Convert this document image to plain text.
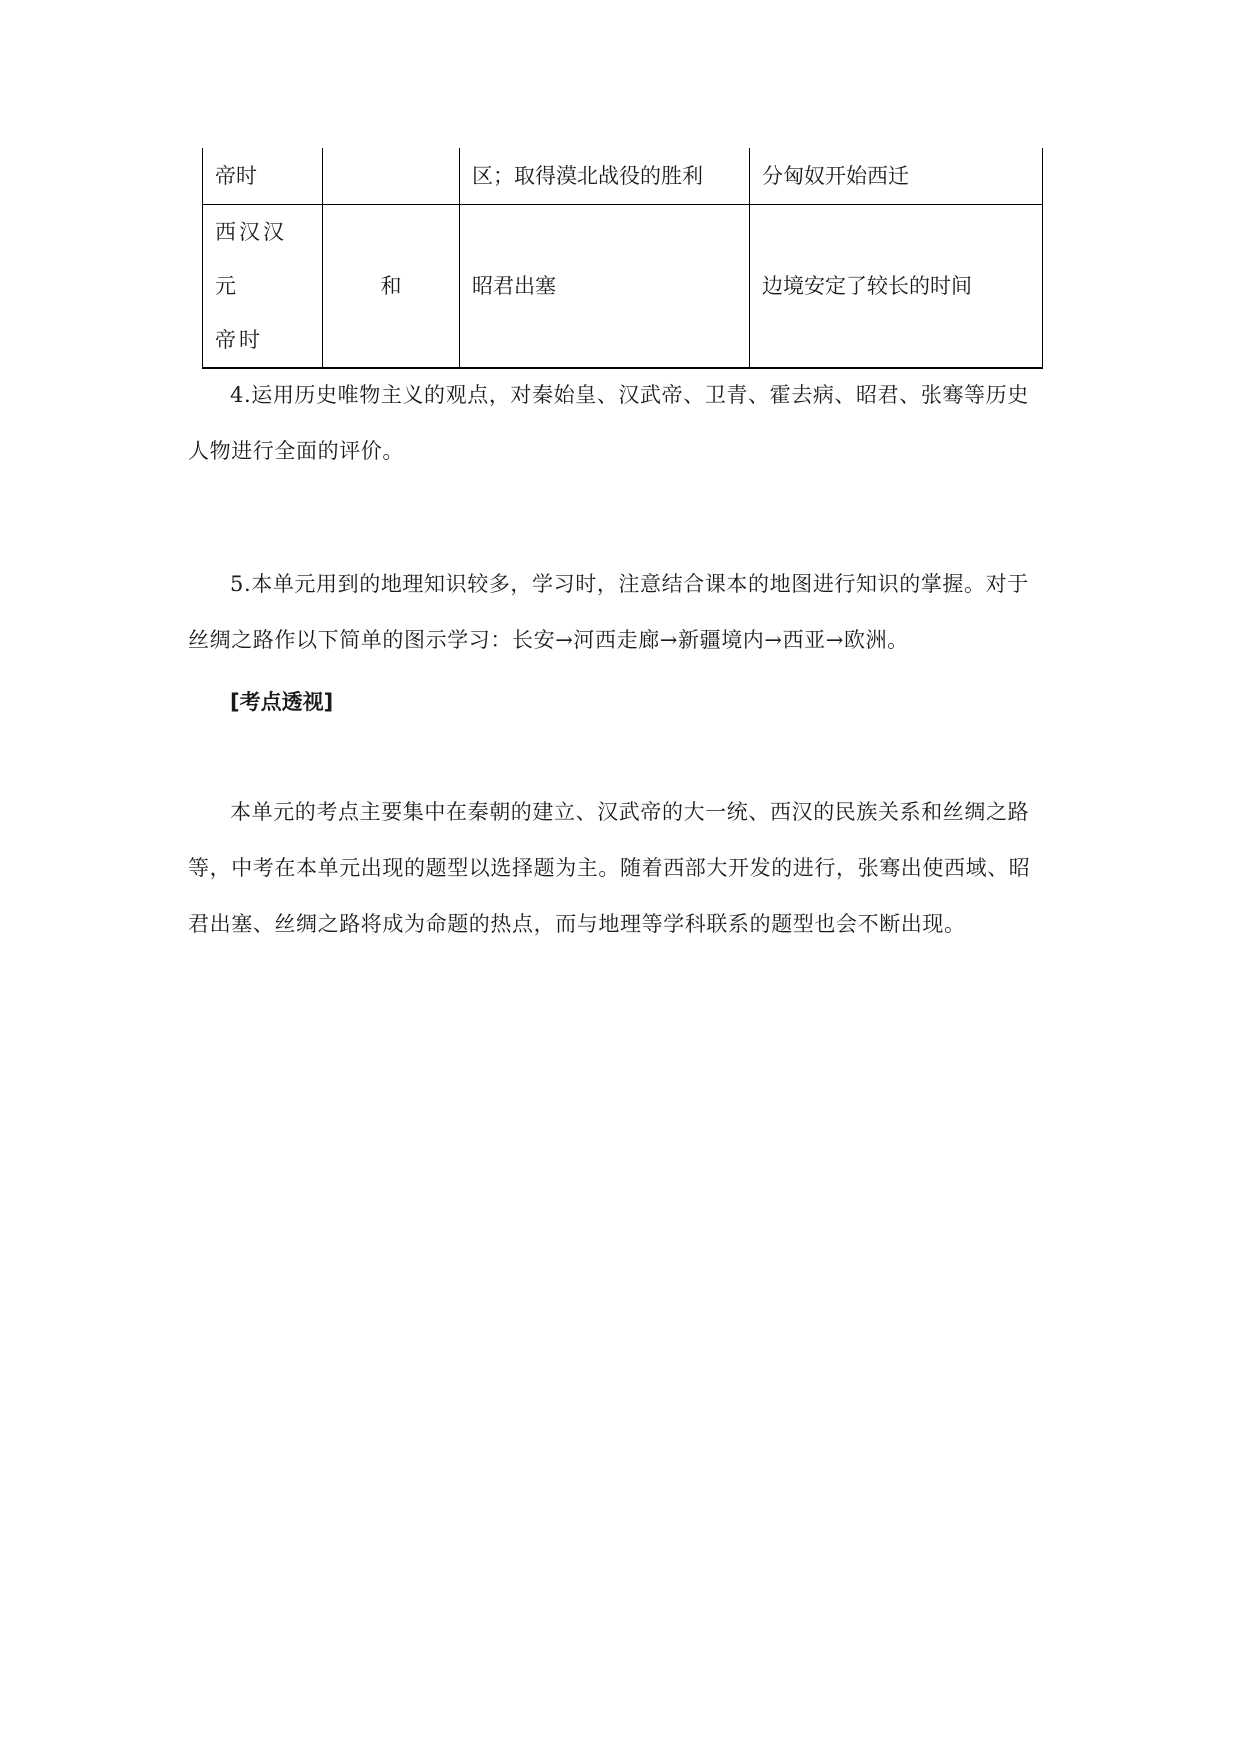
帝时		区；取得漠北战役的胜利	分匈奴开始西迁
西汉汉元
帝时	和	昭君出塞	边境安定了较长的时间

4.运用历史唯物主义的观点，对秦始皇、汉武帝、卫青、霍去病、昭君、张骞等历史人物进行全面的评价。

5.本单元用到的地理知识较多，学习时，注意结合课本的地图进行知识的掌握。对于丝绸之路作以下简单的图示学习：长安→河西走廊→新疆境内→西亚→欧洲。

[考点透视]

本单元的考点主要集中在秦朝的建立、汉武帝的大一统、西汉的民族关系和丝绸之路等，中考在本单元出现的题型以选择题为主。随着西部大开发的进行，张骞出使西域、昭君出塞、丝绸之路将成为命题的热点，而与地理等学科联系的题型也会不断出现。
